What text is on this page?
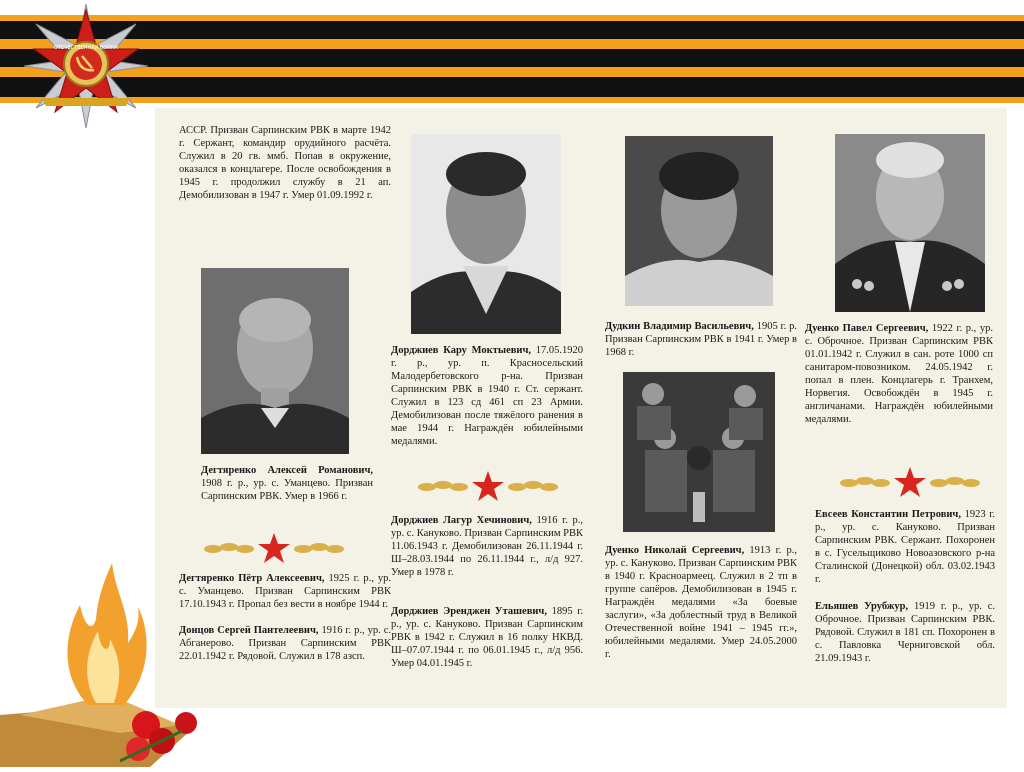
ОТЕЧЕСТВЕННАЯ ВОЙНА

АССР. Призван Сарпинским РВК в марте 1942 г. Сержант, командир орудийного расчёта. Служил в 20 гв. ммб. Попав в окружение, оказался в концлагере. После освобождения в 1945 г. продолжил службу в 21 ап. Демобилизован в 1947 г. Умер 01.09.1992 г.

Дегтяренко Алексей Романович, 1908 г. р., ур. с. Уманцево. Призван Сарпинским РВК. Умер в 1966 г.

Дегтяренко Пётр Алексеевич, 1925 г. р., ур. с. Уманцево. Призван Сарпинским РВК 17.10.1943 г. Пропал без вести в ноябре 1944 г.

Донцов Сергей Пантелеевич, 1916 г. р., ур. с. Абганерово. Призван Сарпинским РВК 22.01.1942 г. Рядовой. Служил в 178 азсп.

Дорджиев Кару Моктыевич, 17.05.1920 г. р., ур. п. Красносельский Малодербетовского р-на. Призван Сарпинским РВК в 1940 г. Ст. сержант. Служил в 123 сд 461 сп 23 Армии. Демобилизован после тяжёлого ранения в мае 1944 г. Награждён юбилейными медалями.

Дорджиев Лагур Хечинович, 1916 г. р., ур. с. Кануково. Призван Сарпинским РВК 11.06.1943 г. Демобилизован 26.11.1944 г. Ш–28.03.1944 по 26.11.1944 г., л/д 927. Умер в 1978 г.

Дорджиев Эренджен Уташевич, 1895 г. р., ур. с. Кануково. Призван Сарпинским РВК в 1942 г. Служил в 16 полку НКВД. Ш–07.07.1944 г. по 06.01.1945 г., л/д 956. Умер 04.01.1945 г.

Дудкин Владимир Васильевич, 1905 г. р. Призван Сарпинским РВК в 1941 г. Умер в 1968 г.

Дуенко Николай Сергеевич, 1913 г. р., ур. с. Кануково. Призван Сарпинским РВК в 1940 г. Красноармеец. Служил в 2 тп в группе сапёров. Демобилизован в 1945 г. Награждён медалями «За боевые заслуги», «За доблестный труд в Великой Отечественной войне 1941 – 1945 гг.», юбилейными медалями. Умер 24.05.2000 г.

Дуенко Павел Сергеевич, 1922 г. р., ур. с. Оброчное. Призван Сарпинским РВК 01.01.1942 г. Служил в сан. роте 1000 сп санитаром-повозником. 24.05.1942 г. попал в плен. Концлагерь г. Транхем, Норвегия. Освобождён в 1945 г. англичанами. Награждён юбилейными медалями.

Евсеев Константин Петрович, 1923 г. р., ур. с. Кануково. Призван Сарпинским РВК. Сержант. Похоронен в с. Гусельщиково Новоазовского р-на Сталинской (Донецкой) обл. 03.02.1943 г.

Ельяшев Урубжур, 1919 г. р., ур. с. Оброчное. Призван Сарпинским РВК. Рядовой. Служил в 181 сп. Похоронен в с. Павловка Черниговской обл. 21.09.1943 г.
